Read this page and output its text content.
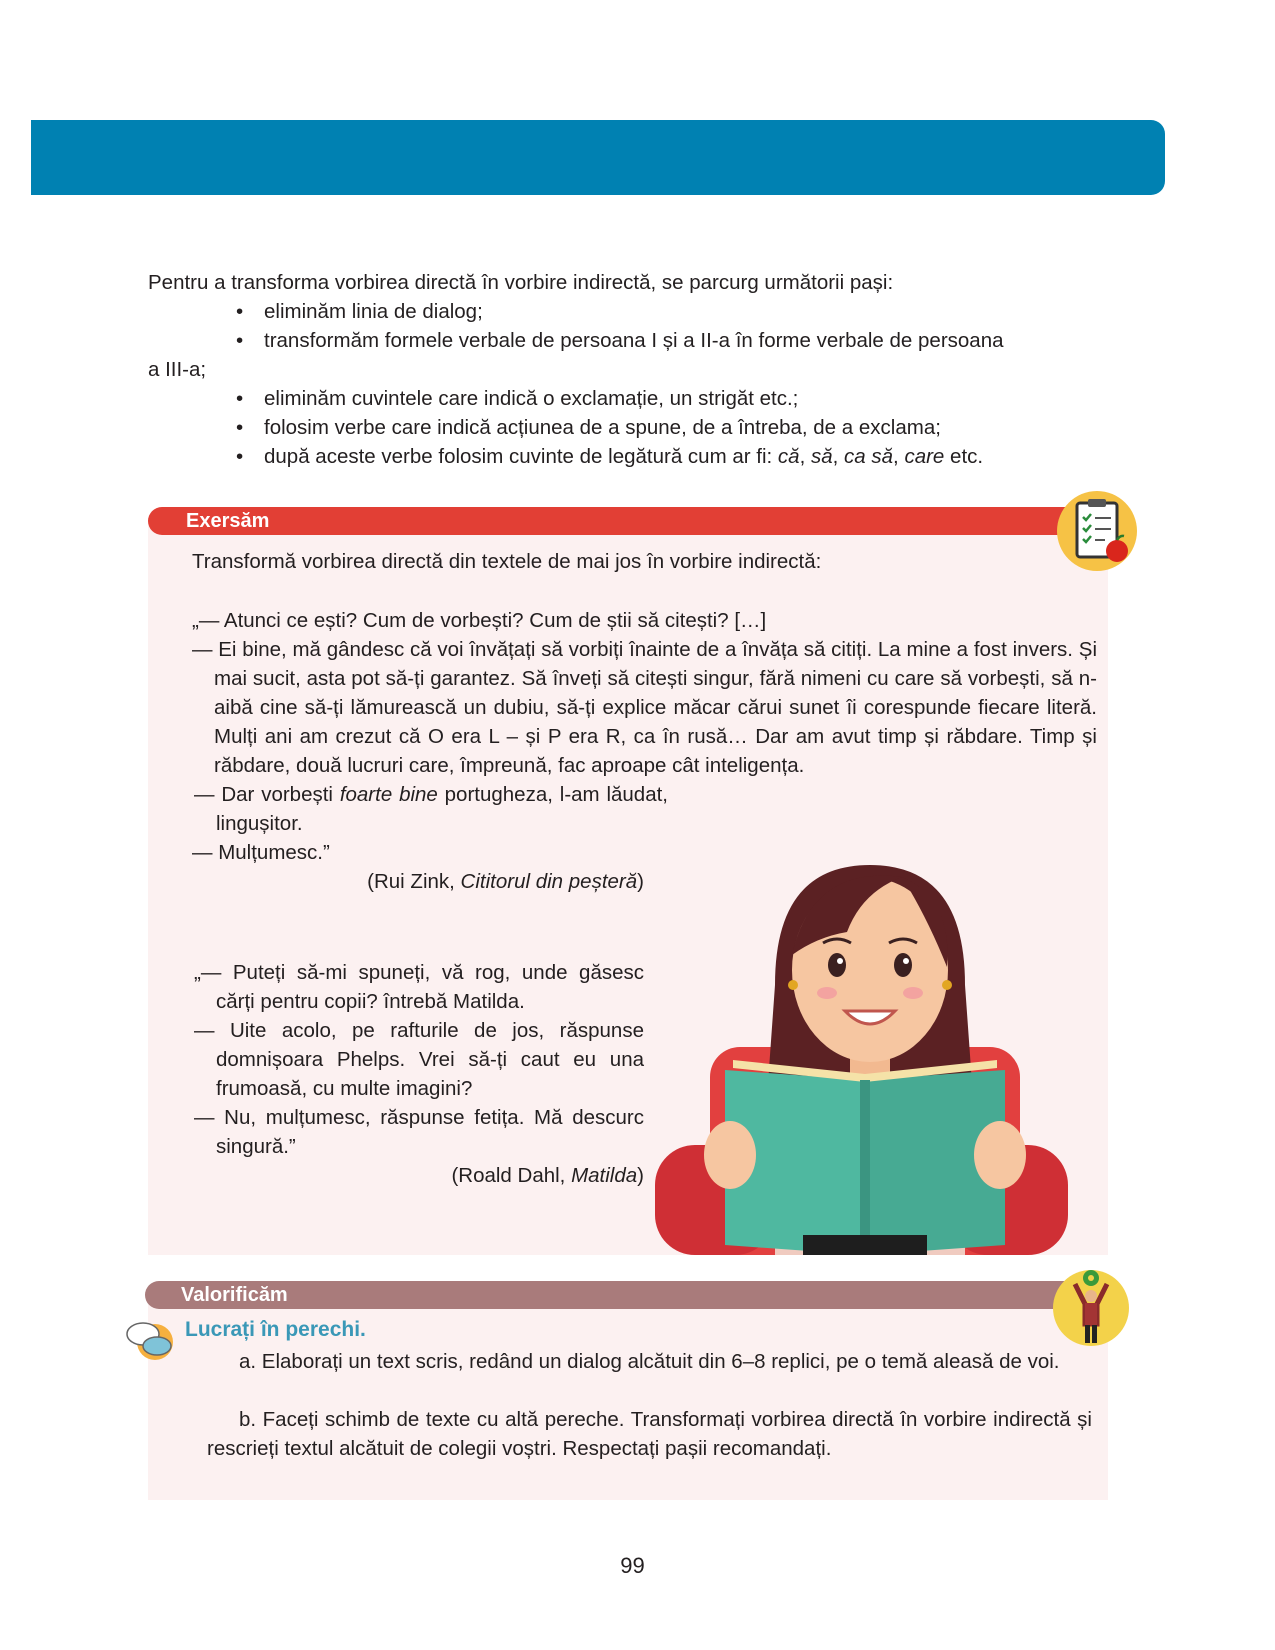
Pentru a transforma vorbirea directă în vorbire indirectă, se parcurg următorii pași:

• eliminăm linia de dialog;
• transformăm formele verbale de persoana I și a II-a în forme verbale de persoana
a III-a;
• eliminăm cuvintele care indică o exclamație, un strigăt etc.;
• folosim verbe care indică acțiunea de a spune, de a întreba, de a exclama;
• după aceste verbe folosim cuvinte de legătură cum ar fi: că, să, ca să, care etc.
Exersăm
Transformă vorbirea directă din textele de mai jos în vorbire indirectă:

„— Atunci ce ești? Cum de vorbești? Cum de știi să citești? […]

— Ei bine, mă gândesc că voi învățați să vorbiți înainte de a învăța să citiți. La mine a fost invers. Și mai sucit, asta pot să-ți garantez. Să înveți să citești singur, fără nimeni cu care să vorbești, să n-aibă cine să-ți lămurească un dubiu, să-ți explice măcar cărui sunet îi corespunde fiecare literă. Mulți ani am crezut că O era L – și P era R, ca în rusă… Dar am avut timp și răbdare. Timp și răbdare, două lucruri care, împreună, fac aproape cât inteligența.

— Dar vorbești foarte bine portugheza, l-am lăudat, lingușitor.

— Mulțumesc.”

(Rui Zink, Cititorul din peșteră)

„— Puteți să-mi spuneți, vă rog, unde găsesc cărți pentru copii? întrebă Matilda.

— Uite acolo, pe rafturile de jos, răspunse domnișoara Phelps. Vrei să-ți caut eu una frumoasă, cu multe imagini?

— Nu, mulțumesc, răspunse fetița. Mă descurc singură.”

(Roald Dahl, Matilda)

Valorificăm
Lucrați în perechi.

a. Elaborați un text scris, redând un dialog alcătuit din 6–8 replici, pe o temă aleasă de voi.

b. Faceți schimb de texte cu altă pereche. Transformați vorbirea directă în vorbire indirectă și rescrieți textul alcătuit de colegii voștri. Respectați pașii recomandați.

99
